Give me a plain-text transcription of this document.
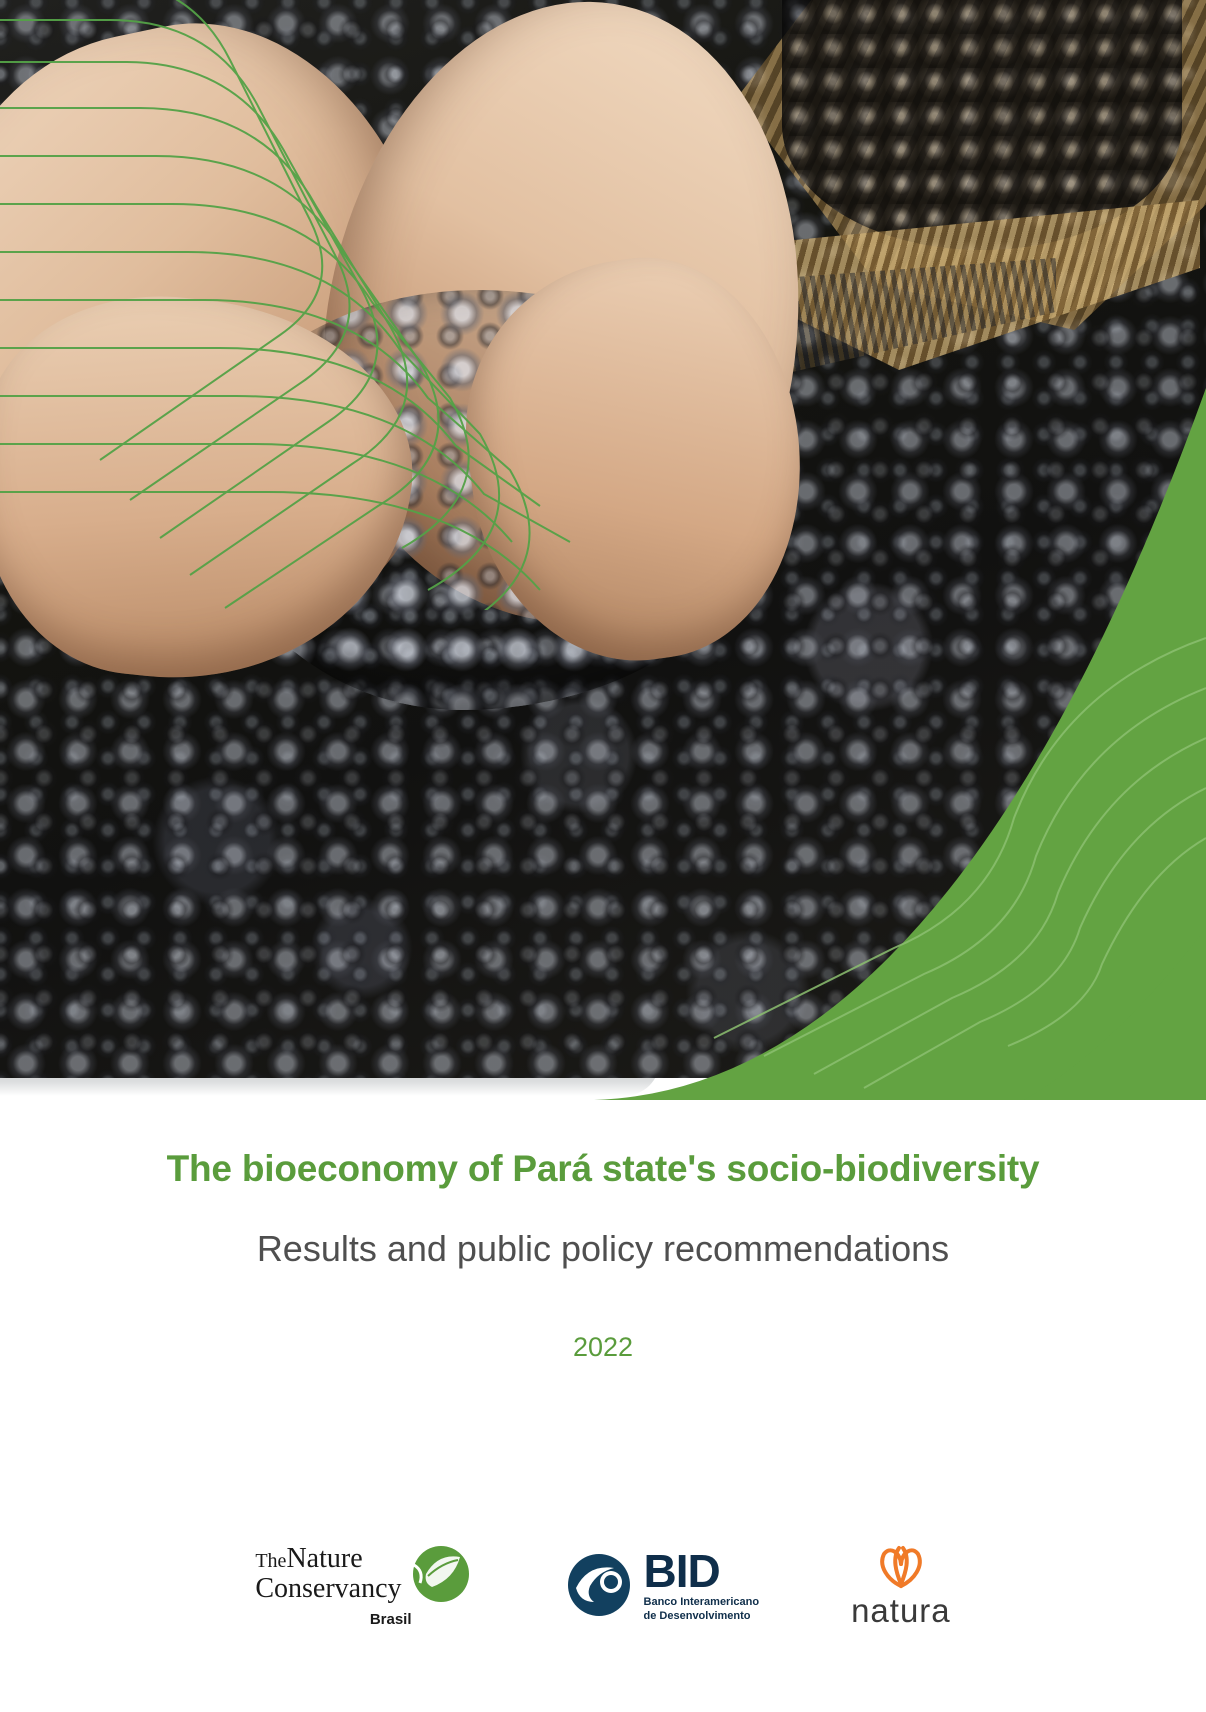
The bioeconomy of Pará state's socio-biodiversity
Results and public policy recommendations
2022
TheNature
Conservancy
Brasil
BID
Banco Interamericano
de Desenvolvimento	natura
